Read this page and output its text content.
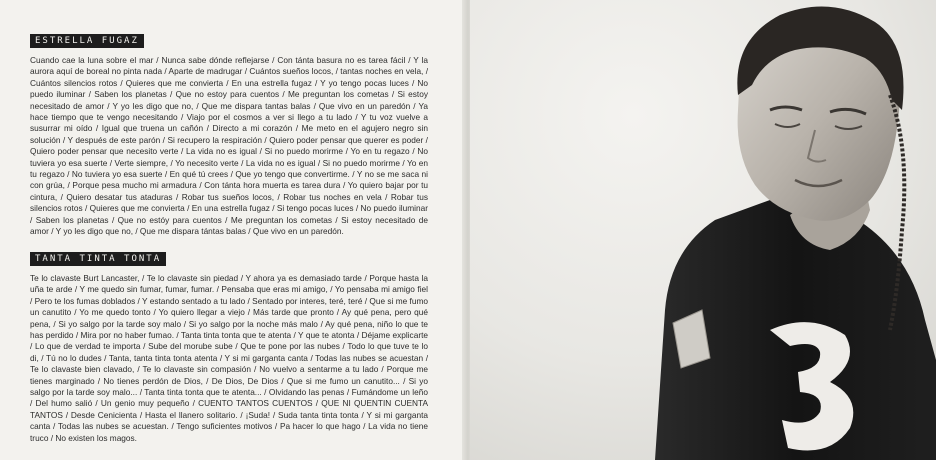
ESTRELLA FUGAZ

Cuando cae la luna sobre el mar / Nunca sabe dónde reflejarse / Con tánta basura no es tarea fácil / Y la aurora aquí de boreal no pinta nada / Aparte de madrugar / Cuántos sueños locos, / tantas noches en vela, / Cuántos silencios rotos / Quieres que me convierta / En una estrella fugaz / Y yo tengo pocas luces / No puedo iluminar / Saben los planetas / Que no estoy para cuentos / Me preguntan los cometas / Si estoy necesitado de amor / Y yo les digo que no, / Que me dispara tantas balas / Que vivo en un paredón / Ya hace tiempo que te vengo necesitando / Viajo por el cosmos a ver si llego a tu lado / Y tu voz vuelve a susurrar mi oído / Igual que truena un cañón / Directo a mi corazón / Me meto en el agujero negro sin solución / Y después de este parón / Si recupero la respiración / Quiero poder pensar que querer es poder / Quiero poder pensar que necesito verte / La vida no es igual / Si no puedo morirme / Yo en tu regazo / No tuviera yo esa suerte / Verte siempre, / Yo necesito verte / La vida no es igual / Si no puedo morirme / Yo en tu regazo / No tuviera yo esa suerte / En qué tú crees / Que yo tengo que convertirme. / Y no se me saca ni con grúa, / Porque pesa mucho mi armadura / Con tánta hora muerta es tarea dura / Yo quiero bajar por tu cintura, / Quiero desatar tus ataduras / Robar tus sueños locos, / Robar tus noches en vela / Robar tus silencios rotos / Quieres que me convierta / En una estrella fugaz / Si tengo pocas luces / No puedo iluminar / Saben los planetas / Que no estóy para cuentos / Me preguntan los cometas / Si estoy necesitado de amor / Y yo les digo que no, / Que me dispara tántas balas / Que vivo en un paredón.

TANTA TINTA TONTA

Te lo clavaste Burt Lancaster, / Te lo clavaste sin piedad / Y ahora ya es demasiado tarde / Porque hasta la uña te arde / Y me quedo sin fumar, fumar, fumar. / Pensaba que eras mi amigo, / Yo pensaba mi amigo fiel / Pero te los fumas doblados / Y estando sentado a tu lado / Sentado por interes, teré, teré / Que si me fumo un canutito / Yo me quedo tonto / Yo quiero llegar a viejo / Más tarde que pronto / Ay qué pena, pero qué pena, / Si yo salgo por la tarde soy malo / Si yo salgo por la noche más malo / Ay qué pena, niño lo que te has perdido / Mira por no haber fumao. / Tanta tinta tonta que te atenta / Y que te atonta / Déjame explicarte / Lo que de verdad te importa / Sube del morube sube / Que te pone por las nubes / Todo lo que tuve te lo di, / Tú no lo dudes / Tanta, tanta tinta tonta atenta / Y si mi garganta canta / Todas las nubes se acuestan / Te lo clavaste bien clavado, / Te lo clavaste sin compasión / No vuelvo a sentarme a tu lado / Porque me tienes marginado / No tienes perdón de Dios, / De Dios, De Dios / Que si me fumo un canutito... / Si yo salgo por la tarde soy malo... / Tanta tinta tonta que te atenta... / Olvidando las penas / Fumándome un leño / Del humo salió / Un genio muy pequeño / CUENTO TANTOS CUENTOS / QUE NI QUENTIN CUENTA TANTOS / Desde Cenicienta / Hasta el llanero solitario. / ¡Suda! / Suda tanta tinta tonta / Y si mi garganta canta / Todas las nubes se acuestan. / Tengo suficientes motivos / Pa hacer lo que hago / La vida no tiene truco / No existen los magos.
